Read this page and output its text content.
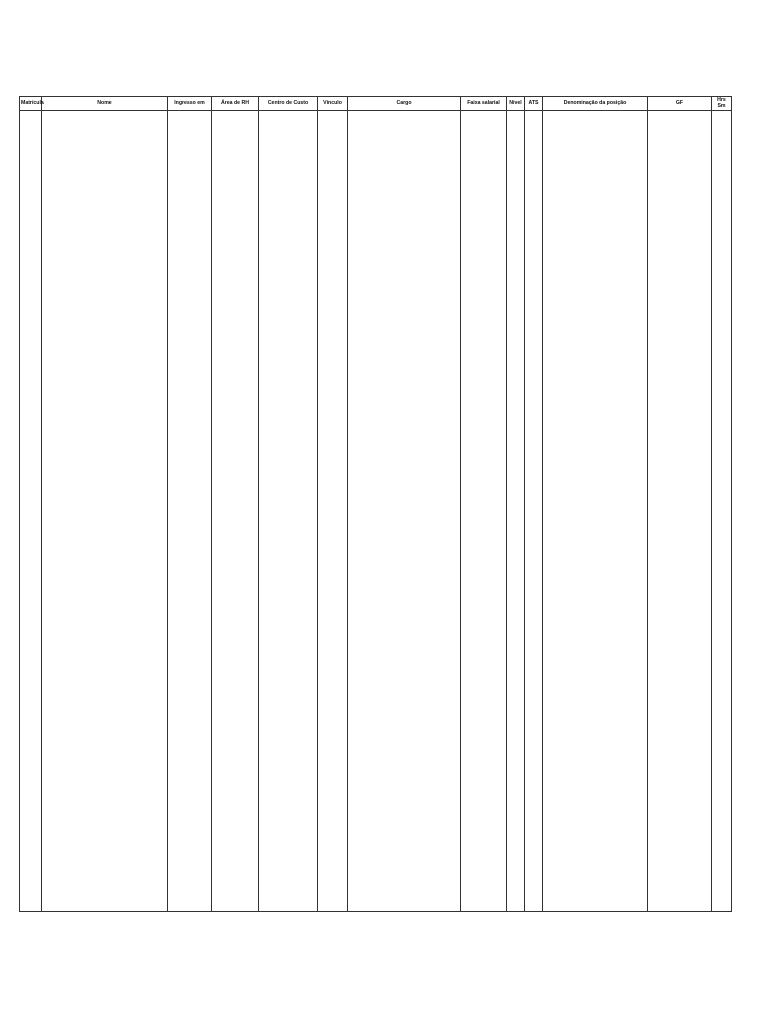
Matrícula	Nome	Ingresso em	Área de RH	Centro de Custo	Vínculo	Cargo	Faixa salarial	Nível	ATS	Denominação da posição	GF	Hrs Sm
